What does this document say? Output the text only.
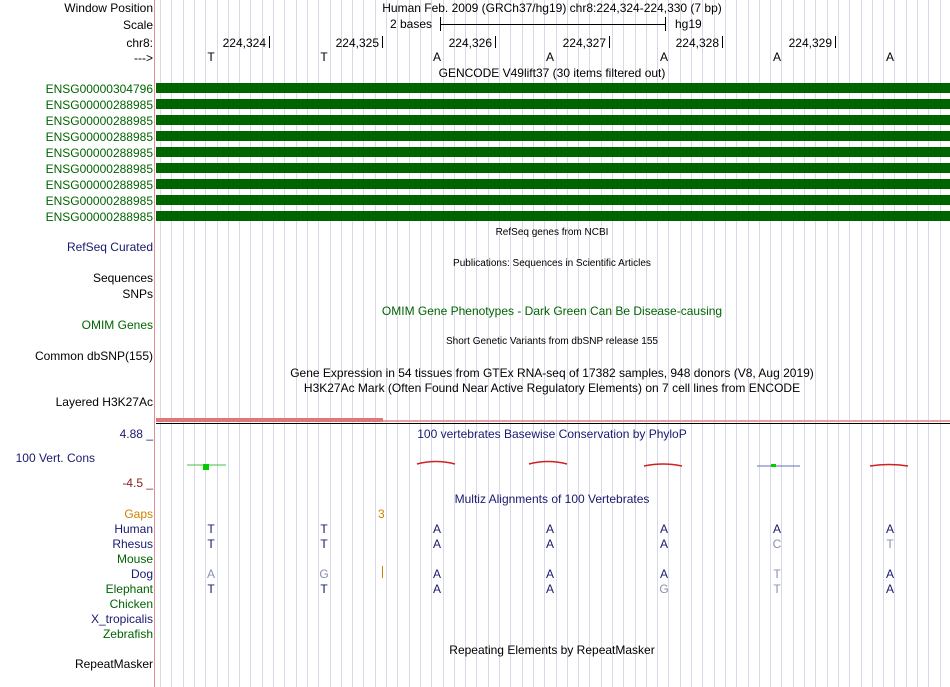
Window Position	Human Feb. 2009 (GRCh37/hg19) chr8:224,324-224,330 (7 bp)
Scale	2 bases	hg19
chr8:	224,324	224,325	224,326	224,327	224,328	224,329
--->	T	T	A	A	A	A	A
GENCODE V49lift37 (30 items filtered out)
ENSG00000304796
ENSG00000288985
ENSG00000288985
ENSG00000288985
ENSG00000288985
ENSG00000288985
ENSG00000288985
ENSG00000288985
ENSG00000288985
RefSeq genes from NCBI
RefSeq Curated
Publications: Sequences in Scientific Articles
Sequences
SNPs
OMIM Gene Phenotypes - Dark Green Can Be Disease-causing
OMIM Genes
Short Genetic Variants from dbSNP release 155
Common dbSNP(155)
Gene Expression in 54 tissues from GTEx RNA-seq of 17382 samples, 948 donors (V8, Aug 2019)
H3K27Ac Mark (Often Found Near Active Regulatory Elements) on 7 cell lines from ENCODE
Layered H3K27Ac
100 vertebrates Basewise Conservation by PhyloP
4.88 _
100 Vert. Cons
-4.5 _
Multiz Alignments of 100 Vertebrates
Gaps	3
Human	T	T	A	A	A	A	A
Rhesus	T	T	A	A	A	C	T
Mouse
Dog	A	G	A	A	A	T	A
Elephant	T	T	A	A	G	T	A
Chicken
X_tropicalis
Zebrafish
Repeating Elements by RepeatMasker
RepeatMasker
